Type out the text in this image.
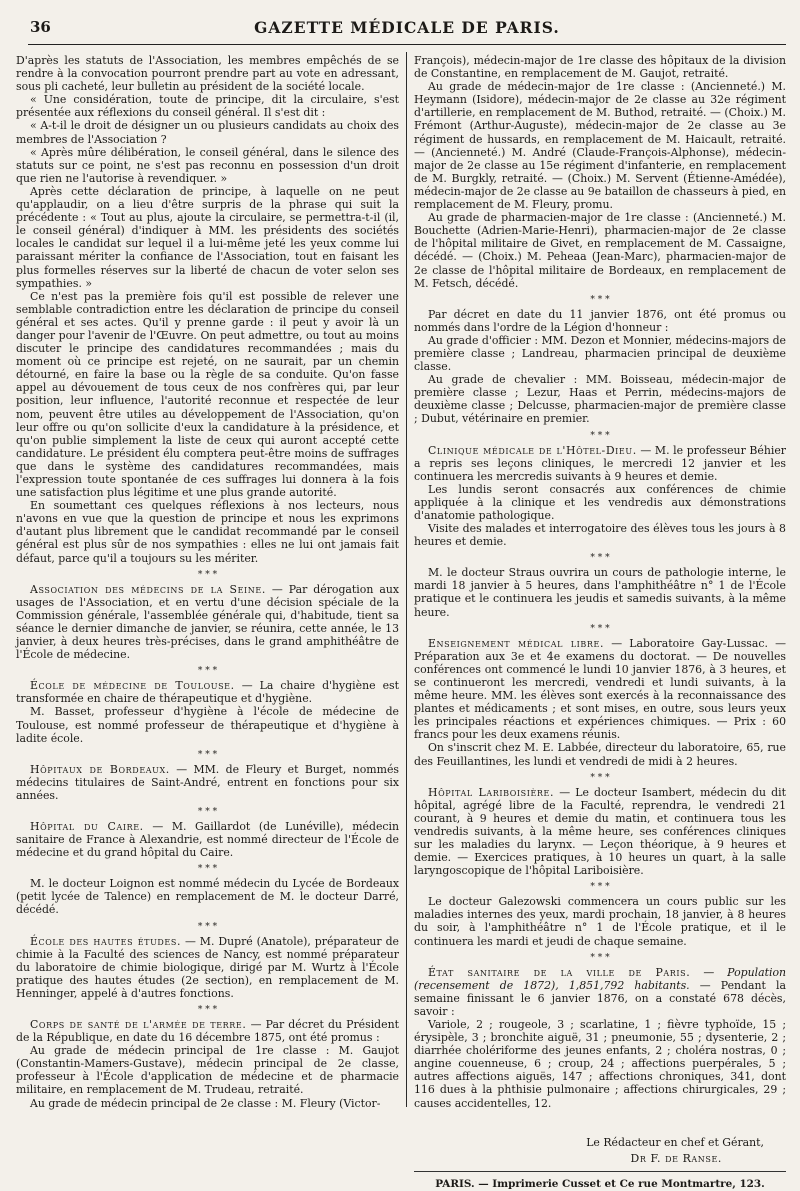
36	GAZETTE MÉDICALE DE PARIS.

D'après les statuts de l'Association, les membres empêchés de se rendre à la convocation pourront prendre part au vote en adressant, sous pli cacheté, leur bulletin au président de la société locale.

« Une considération, toute de principe, dit la circulaire, s'est présentée aux réflexions du conseil général. Il s'est dit :

« A-t-il le droit de désigner un ou plusieurs candidats au choix des membres de l'Association ?

« Après mûre délibération, le conseil général, dans le silence des statuts sur ce point, ne s'est pas reconnu en possession d'un droit que rien ne l'autorise à revendiquer. »

Après cette déclaration de principe, à laquelle on ne peut qu'applaudir, on a lieu d'être surpris de la phrase qui suit la précédente : « Tout au plus, ajoute la circulaire, se permettra-t-il (il, le conseil général) d'indiquer à MM. les présidents des sociétés locales le candidat sur lequel il a lui-même jeté les yeux comme lui paraissant mériter la confiance de l'Association, tout en faisant les plus formelles réserves sur la liberté de chacun de voter selon ses sympathies. »

Ce n'est pas la première fois qu'il est possible de relever une semblable contradiction entre les déclaration de principe du conseil général et ses actes. Qu'il y prenne garde : il peut y avoir là un danger pour l'avenir de l'Œuvre. On peut admettre, ou tout au moins discuter le principe des candidatures recommandées ; mais du moment où ce principe est rejeté, on ne saurait, par un chemin détourné, en faire la base ou la règle de sa conduite. Qu'on fasse appel au dévouement de tous ceux de nos confrères qui, par leur position, leur influence, l'autorité reconnue et respectée de leur nom, peuvent être utiles au développement de l'Association, qu'on leur offre ou qu'on sollicite d'eux la candidature à la présidence, et qu'on publie simplement la liste de ceux qui auront accepté cette candidature. Le président élu comptera peut-être moins de suffrages que dans le système des candidatures recommandées, mais l'expression toute spontanée de ces suffrages lui donnera à la fois une satisfaction plus légitime et une plus grande autorité.

En soumettant ces quelques réflexions à nos lecteurs, nous n'avons en vue que la question de principe et nous les exprimons d'autant plus librement que le candidat recommandé par le conseil général est plus sûr de nos sympathies : elles ne lui ont jamais fait défaut, parce qu'il a toujours su les mériter.

* * *

Association des médecins de la Seine. — Par dérogation aux usages de l'Association, et en vertu d'une décision spéciale de la Commission générale, l'assemblée générale qui, d'habitude, tient sa séance le dernier dimanche de janvier, se réunira, cette année, le 13 janvier, à deux heures très-précises, dans le grand amphithéâtre de l'École de médecine.

* * *

École de médecine de Toulouse. — La chaire d'hygiène est transformée en chaire de thérapeutique et d'hygiène.

M. Basset, professeur d'hygiène à l'école de médecine de Toulouse, est nommé professeur de thérapeutique et d'hygiène à ladite école.

* * *

Hôpitaux de Bordeaux. — MM. de Fleury et Burget, nommés médecins titulaires de Saint-André, entrent en fonctions pour six années.

* * *

Hôpital du Caire. — M. Gaillardot (de Lunéville), médecin sanitaire de France à Alexandrie, est nommé directeur de l'École de médecine et du grand hôpital du Caire.

* * *

M. le docteur Loignon est nommé médecin du Lycée de Bordeaux (petit lycée de Talence) en remplacement de M. le docteur Darré, décédé.

* * *

École des hautes études. — M. Dupré (Anatole), préparateur de chimie à la Faculté des sciences de Nancy, est nommé préparateur du laboratoire de chimie biologique, dirigé par M. Wurtz à l'École pratique des hautes études (2e section), en remplacement de M. Henninger, appelé à d'autres fonctions.

* * *

Corps de santé de l'armée de terre. — Par décret du Président de la République, en date du 16 décembre 1875, ont été promus :

Au grade de médecin principal de 1re classe : M. Gaujot (Constantin-Mamers-Gustave), médecin principal de 2e classe, professeur à l'École d'application de médecine et de pharmacie militaire, en remplacement de M. Trudeau, retraité.

Au grade de médecin principal de 2e classe : M. Fleury (Victor-

François), médecin-major de 1re classe des hôpitaux de la division de Constantine, en remplacement de M. Gaujot, retraité.

Au grade de médecin-major de 1re classe : (Ancienneté.) M. Heymann (Isidore), médecin-major de 2e classe au 32e régiment d'artillerie, en remplacement de M. Buthod, retraité. — (Choix.) M. Frémont (Arthur-Auguste), médecin-major de 2e classe au 3e régiment de hussards, en remplacement de M. Haicault, retraité. — (Ancienneté.) M. André (Claude-François-Alphonse), médecin-major de 2e classe au 15e régiment d'infanterie, en remplacement de M. Burgkly, retraité. — (Choix.) M. Servent (Étienne-Amédée), médecin-major de 2e classe au 9e bataillon de chasseurs à pied, en remplacement de M. Fleury, promu.

Au grade de pharmacien-major de 1re classe : (Ancienneté.) M. Bouchette (Adrien-Marie-Henri), pharmacien-major de 2e classe de l'hôpital militaire de Givet, en remplacement de M. Cassaigne, décédé. — (Choix.) M. Peheaa (Jean-Marc), pharmacien-major de 2e classe de l'hôpital militaire de Bordeaux, en remplacement de M. Fetsch, décédé.

* * *

Par décret en date du 11 janvier 1876, ont été promus ou nommés dans l'ordre de la Légion d'honneur :

Au grade d'officier : MM. Dezon et Monnier, médecins-majors de première classe ; Landreau, pharmacien principal de deuxième classe.

Au grade de chevalier : MM. Boisseau, médecin-major de première classe ; Lezur, Haas et Perrin, médecins-majors de deuxième classe ; Delcusse, pharmacien-major de première classe ; Dubut, vétérinaire en premier.

* * *

Clinique médicale de l'Hôtel-Dieu. — M. le professeur Béhier a repris ses leçons cliniques, le mercredi 12 janvier et les continuera les mercredis suivants à 9 heures et demie.

Les lundis seront consacrés aux conférences de chimie appliquée à la clinique et les vendredis aux démonstrations d'anatomie pathologique.

Visite des malades et interrogatoire des élèves tous les jours à 8 heures et demie.

* * *

M. le docteur Straus ouvrira un cours de pathologie interne, le mardi 18 janvier à 5 heures, dans l'amphithéâtre n° 1 de l'École pratique et le continuera les jeudis et samedis suivants, à la même heure.

* * *

Enseignement médical libre. — Laboratoire Gay-Lussac. — Préparation aux 3e et 4e examens du doctorat. — De nouvelles conférences ont commencé le lundi 10 janvier 1876, à 3 heures, et se continueront les mercredi, vendredi et lundi suivants, à la même heure. MM. les élèves sont exercés à la reconnaissance des plantes et médicaments ; et sont mises, en outre, sous leurs yeux les principales réactions et expériences chimiques. — Prix : 60 francs pour les deux examens réunis.

On s'inscrit chez M. E. Labbée, directeur du laboratoire, 65, rue des Feuillantines, les lundi et vendredi de midi à 2 heures.

* * *

Hôpital Lariboisière. — Le docteur Isambert, médecin du dit hôpital, agrégé libre de la Faculté, reprendra, le vendredi 21 courant, à 9 heures et demie du matin, et continuera tous les vendredis suivants, à la même heure, ses conférences cliniques sur les maladies du larynx. — Leçon théorique, à 9 heures et demie. — Exercices pratiques, à 10 heures un quart, à la salle laryngoscopique de l'hôpital Lariboisière.

* * *

Le docteur Galezowski commencera un cours public sur les maladies internes des yeux, mardi prochain, 18 janvier, à 8 heures du soir, à l'amphithéâtre n° 1 de l'École pratique, et il le continuera les mardi et jeudi de chaque semaine.

* * *

État sanitaire de la ville de Paris. — Population (recensement de 1872), 1,851,792 habitants. — Pendant la semaine finissant le 6 janvier 1876, on a constaté 678 décès, savoir :

Variole, 2 ; rougeole, 3 ; scarlatine, 1 ; fièvre typhoïde, 15 ; érysipèle, 3 ; bronchite aiguë, 31 ; pneumonie, 55 ; dysenterie, 2 ; diarrhée cholériforme des jeunes enfants, 2 ; choléra nostras, 0 ; angine couenneuse, 6 ; croup, 24 ; affections puerpérales, 5 ; autres affections aiguës, 147 ; affections chroniques, 341, dont 116 dues à la phthisie pulmonaire ; affections chirurgicales, 29 ; causes accidentelles, 12.

Le Rédacteur en chef et Gérant,

Dr F. de Ranse.

PARIS. — Imprimerie Cusset et Ce rue Montmartre, 123.
